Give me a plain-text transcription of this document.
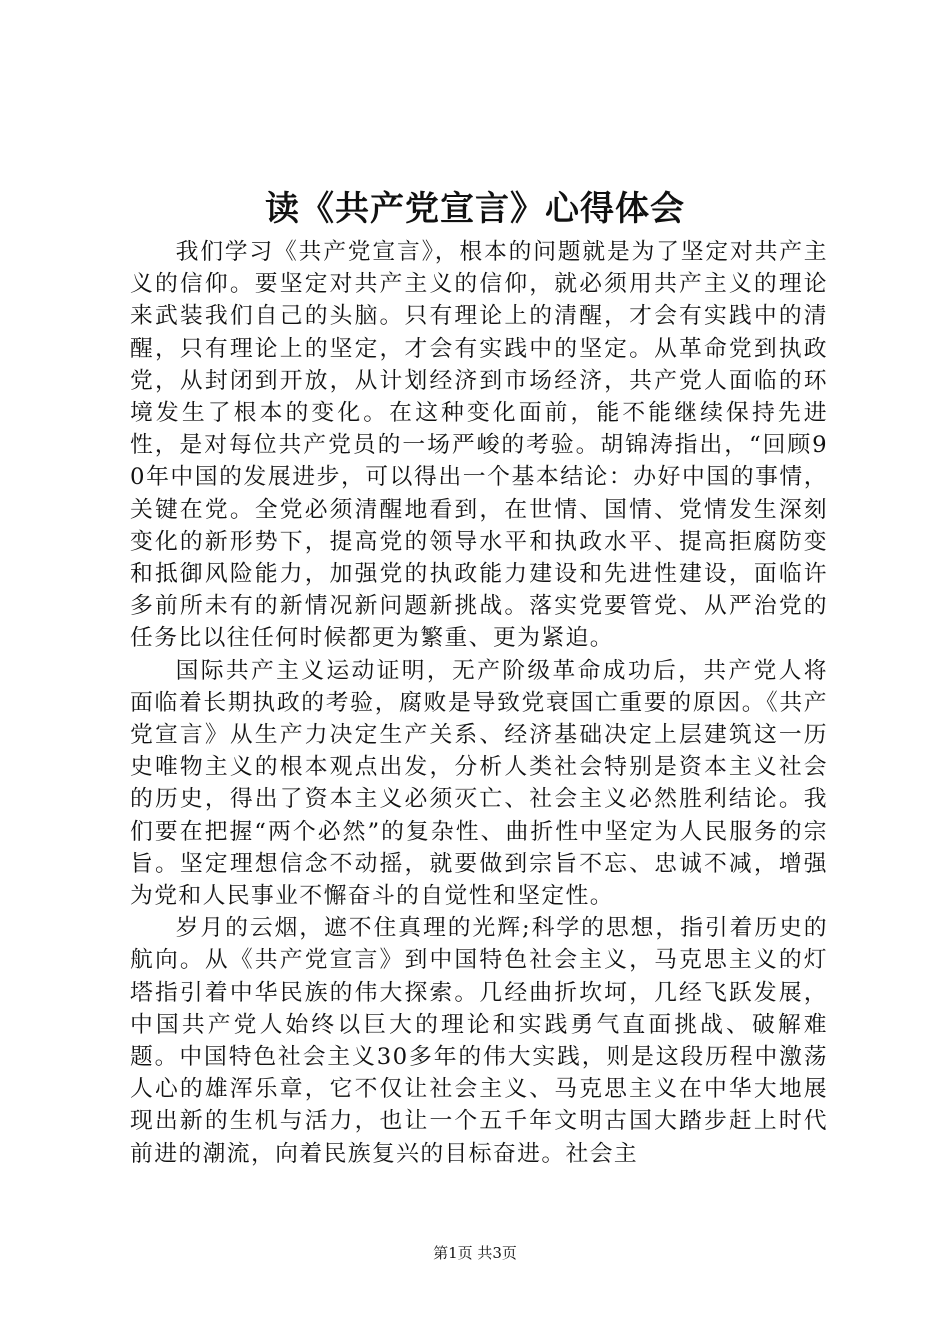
读《共产党宣言》心得体会

我们学习《共产党宣言》，根本的问题就是为了坚定对共产主义的信仰。要坚定对共产主义的信仰，就必须用共产主义的理论来武装我们自己的头脑。只有理论上的清醒，才会有实践中的清醒，只有理论上的坚定，才会有实践中的坚定。从革命党到执政党，从封闭到开放，从计划经济到市场经济，共产党人面临的环境发生了根本的变化。在这种变化面前，能不能继续保持先进性，是对每位共产党员的一场严峻的考验。胡锦涛指出，“回顾90年中国的发展进步，可以得出一个基本结论：办好中国的事情，关键在党。全党必须清醒地看到，在世情、国情、党情发生深刻变化的新形势下，提高党的领导水平和执政水平、提高拒腐防变和抵御风险能力，加强党的执政能力建设和先进性建设，面临许多前所未有的新情况新问题新挑战。落实党要管党、从严治党的任务比以往任何时候都更为繁重、更为紧迫。

国际共产主义运动证明，无产阶级革命成功后，共产党人将面临着长期执政的考验，腐败是导致党衰国亡重要的原因。《共产党宣言》从生产力决定生产关系、经济基础决定上层建筑这一历史唯物主义的根本观点出发，分析人类社会特别是资本主义社会的历史，得出了资本主义必须灭亡、社会主义必然胜利结论。我们要在把握“两个必然”的复杂性、曲折性中坚定为人民服务的宗旨。坚定理想信念不动摇，就要做到宗旨不忘、忠诚不减，增强为党和人民事业不懈奋斗的自觉性和坚定性。

岁月的云烟，遮不住真理的光辉;科学的思想，指引着历史的航向。从《共产党宣言》到中国特色社会主义，马克思主义的灯塔指引着中华民族的伟大探索。几经曲折坎坷，几经飞跃发展，中国共产党人始终以巨大的理论和实践勇气直面挑战、破解难题。中国特色社会主义30多年的伟大实践，则是这段历程中激荡人心的雄浑乐章，它不仅让社会主义、马克思主义在中华大地展现出新的生机与活力，也让一个五千年文明古国大踏步赶上时代前进的潮流，向着民族复兴的目标奋进。社会主

第1页 共3页
